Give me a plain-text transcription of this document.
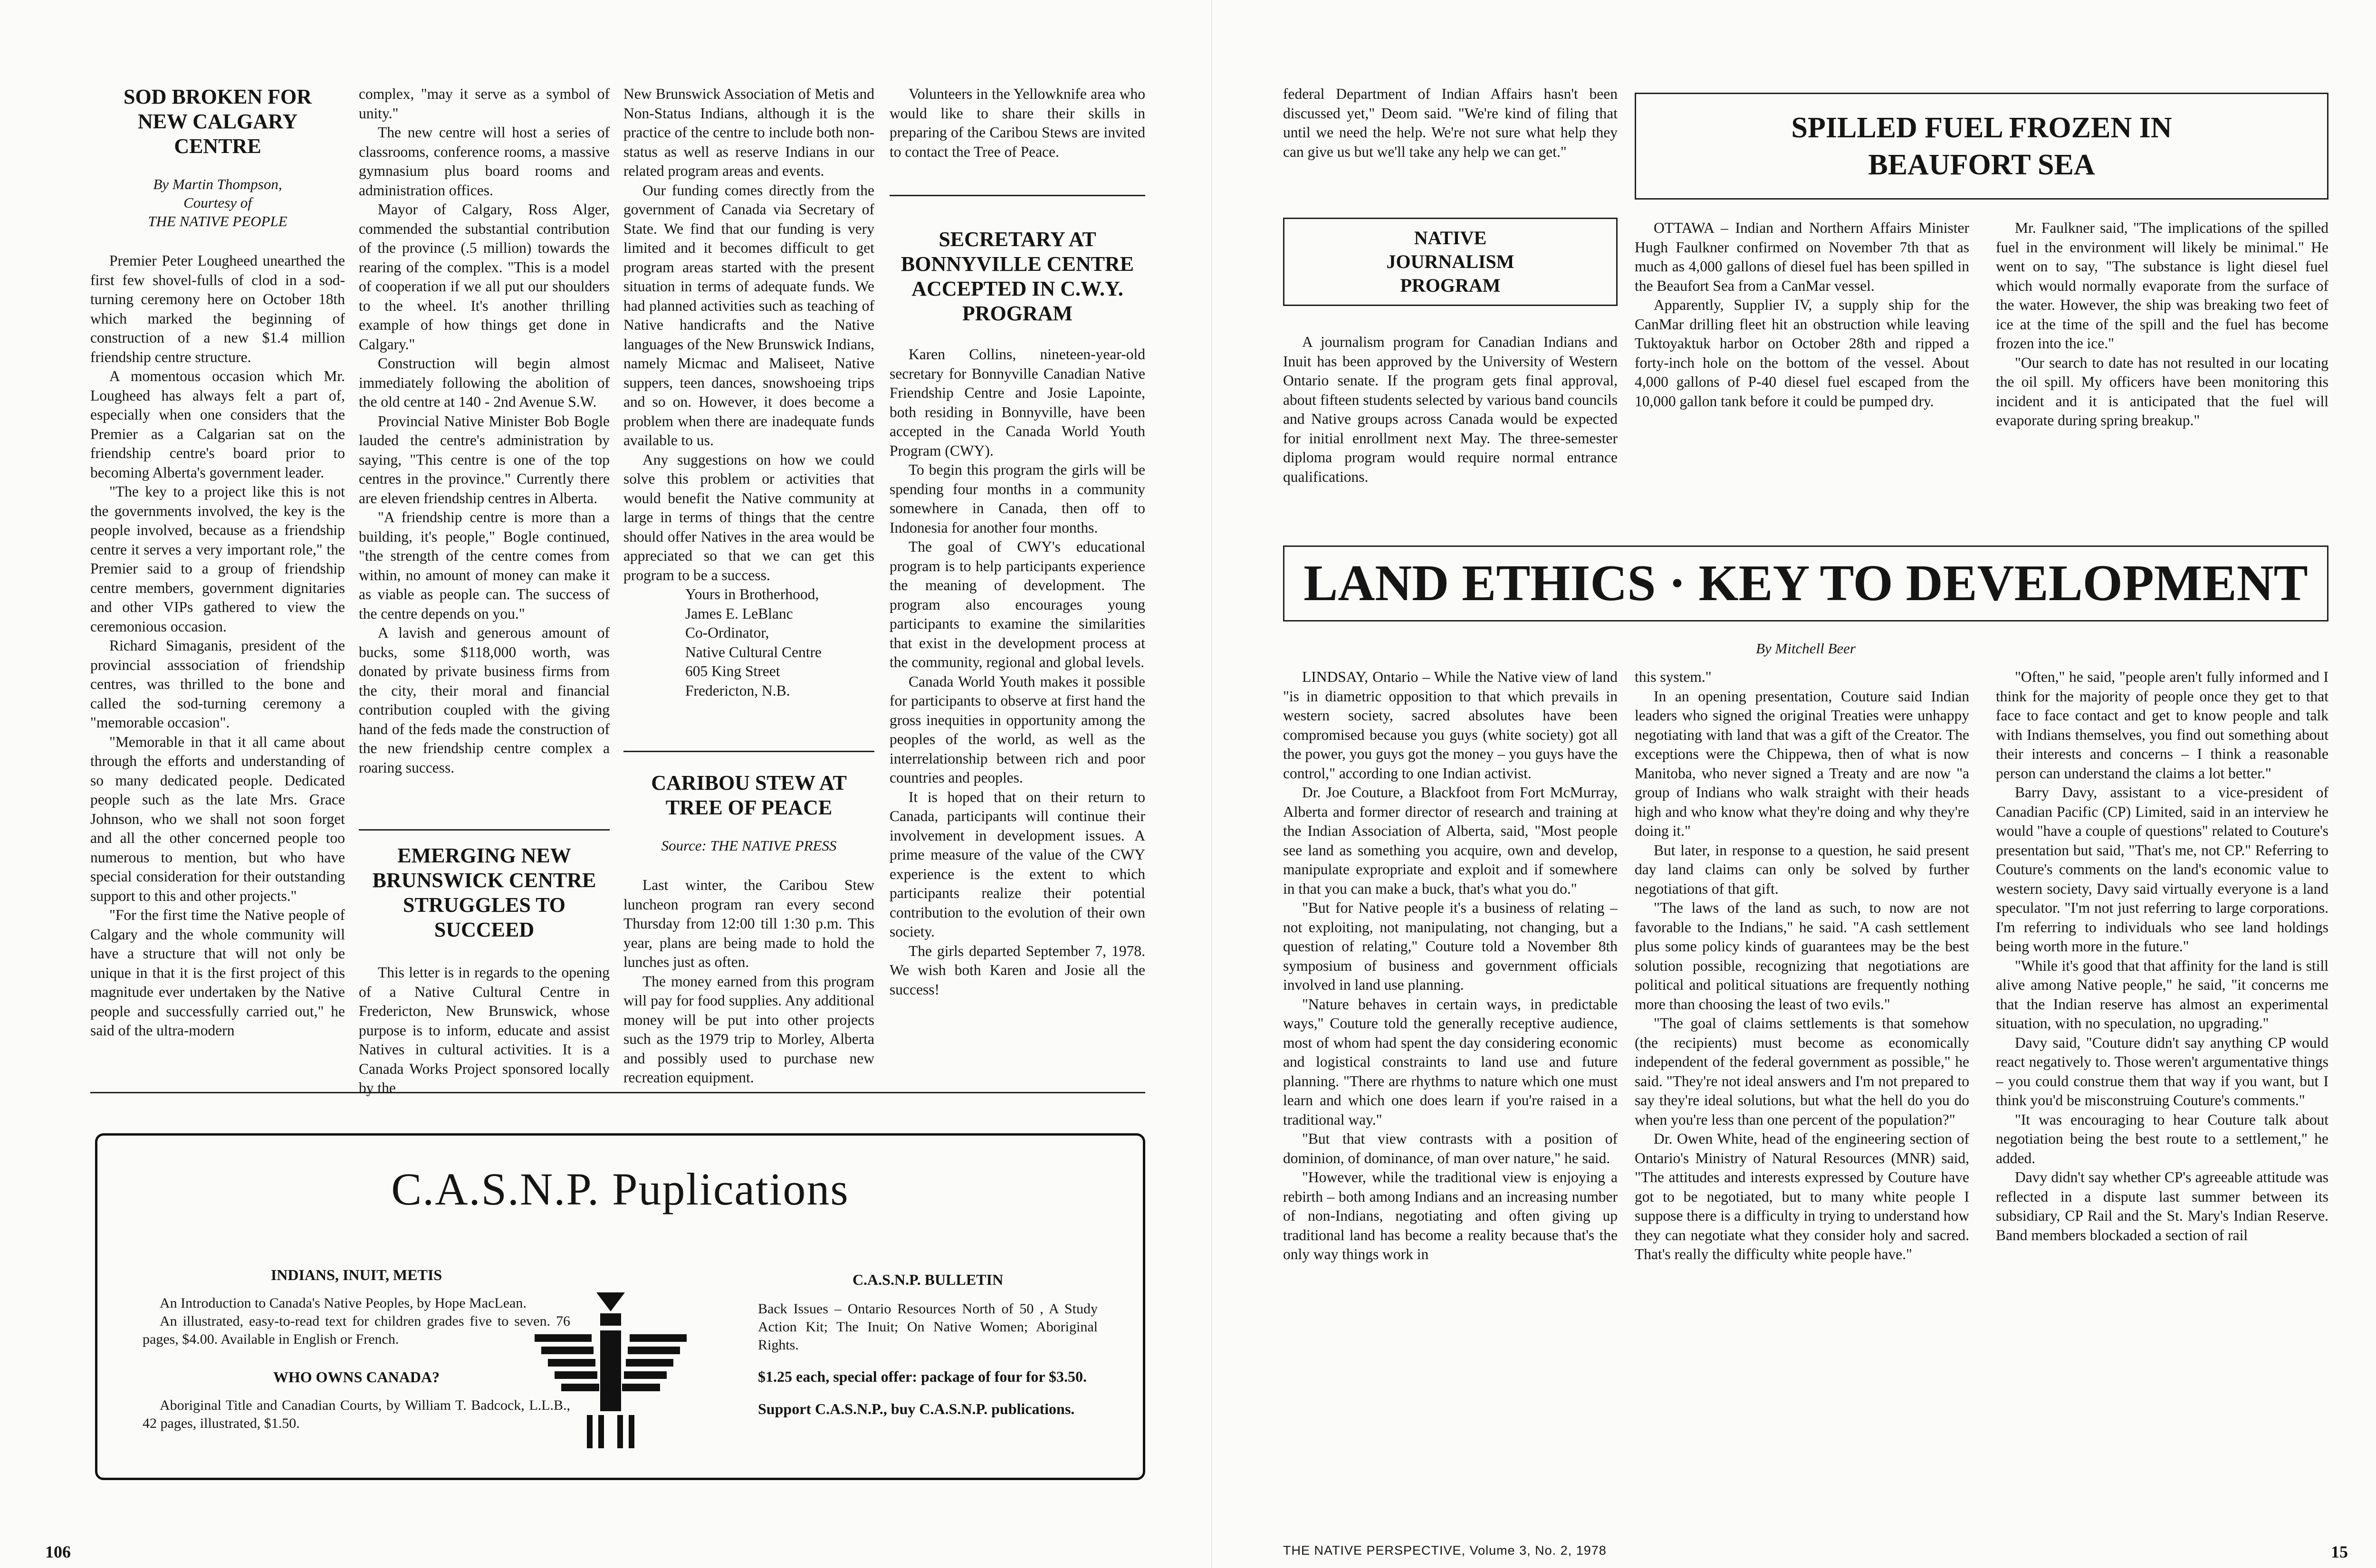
SOD BROKEN FOR NEW CALGARY CENTRE
By Martin Thompson,
Courtesy of
THE NATIVE PEOPLE

Premier Peter Lougheed unearthed the first few shovel-fulls of clod in a sod-turning ceremony here on October 18th which marked the beginning of construction of a new $1.4 million friendship centre structure.

A momentous occasion which Mr. Lougheed has always felt a part of, especially when one considers that the Premier as a Calgarian sat on the friendship centre's board prior to becoming Alberta's government leader.

"The key to a project like this is not the governments involved, the key is the people involved, because as a friendship centre it serves a very important role," the Premier said to a group of friendship centre members, government dignitaries and other VIPs gathered to view the ceremonious occasion.

Richard Simaganis, president of the provincial asssociation of friendship centres, was thrilled to the bone and called the sod-turning ceremony a "memorable occasion".

"Memorable in that it all came about through the efforts and understanding of so many dedicated people. Dedicated people such as the late Mrs. Grace Johnson, who we shall not soon forget and all the other concerned people too numerous to mention, but who have special consideration for their outstanding support to this and other projects."

"For the first time the Native people of Calgary and the whole community will have a structure that will not only be unique in that it is the first project of this magnitude ever undertaken by the Native people and successfully carried out," he said of the ultra-modern

complex, "may it serve as a symbol of unity."

The new centre will host a series of classrooms, conference rooms, a massive gymnasium plus board rooms and administration offices.

Mayor of Calgary, Ross Alger, commended the substantial contribution of the province (.5 million) towards the rearing of the complex. "This is a model of cooperation if we all put our shoulders to the wheel. It's another thrilling example of how things get done in Calgary."

Construction will begin almost immediately following the abolition of the old centre at 140 - 2nd Avenue S.W.

Provincial Native Minister Bob Bogle lauded the centre's administration by saying, "This centre is one of the top centres in the province." Currently there are eleven friendship centres in Alberta.

"A friendship centre is more than a building, it's people," Bogle continued, "the strength of the centre comes from within, no amount of money can make it as viable as people can. The success of the centre depends on you."

A lavish and generous amount of bucks, some $118,000 worth, was donated by private business firms from the city, their moral and financial contribution coupled with the giving hand of the feds made the construction of the new friendship centre complex a roaring success.

EMERGING NEW BRUNSWICK CENTRE STRUGGLES TO SUCCEED

This letter is in regards to the opening of a Native Cultural Centre in Fredericton, New Brunswick, whose purpose is to inform, educate and assist Natives in cultural activities. It is a Canada Works Project sponsored locally by the

New Brunswick Association of Metis and Non-Status Indians, although it is the practice of the centre to include both non-status as well as reserve Indians in our related program areas and events.

Our funding comes directly from the government of Canada via Secretary of State. We find that our funding is very limited and it becomes difficult to get program areas started with the present situation in terms of adequate funds. We had planned activities such as teaching of Native handicrafts and the Native languages of the New Brunswick Indians, namely Micmac and Maliseet, Native suppers, teen dances, snowshoeing trips and so on. However, it does become a problem when there are inadequate funds available to us.

Any suggestions on how we could solve this problem or activities that would benefit the Native community at large in terms of things that the centre should offer Natives in the area would be appreciated so that we can get this program to be a success.

Yours in Brotherhood,

James E. LeBlanc

Co-Ordinator,

Native Cultural Centre

605 King Street

Fredericton, N.B.

CARIBOU STEW AT TREE OF PEACE
Source: THE NATIVE PRESS

Last winter, the Caribou Stew luncheon program ran every second Thursday from 12:00 till 1:30 p.m. This year, plans are being made to hold the lunches just as often.

The money earned from this program will pay for food supplies. Any additional money will be put into other projects such as the 1979 trip to Morley, Alberta and possibly used to purchase new recreation equipment.

Volunteers in the Yellowknife area who would like to share their skills in preparing of the Caribou Stews are invited to contact the Tree of Peace.

SECRETARY AT BONNYVILLE CENTRE ACCEPTED IN C.W.Y. PROGRAM

Karen Collins, nineteen-year-old secretary for Bonnyville Canadian Native Friendship Centre and Josie Lapointe, both residing in Bonnyville, have been accepted in the Canada World Youth Program (CWY).

To begin this program the girls will be spending four months in a community somewhere in Canada, then off to Indonesia for another four months.

The goal of CWY's educational program is to help participants experience the meaning of development. The program also encourages young participants to examine the similarities that exist in the development process at the community, regional and global levels.

Canada World Youth makes it possible for participants to observe at first hand the gross inequities in opportunity among the peoples of the world, as well as the interrelationship between rich and poor countries and peoples.

It is hoped that on their return to Canada, participants will continue their involvement in development issues. A prime measure of the value of the CWY experience is the extent to which participants realize their potential contribution to the evolution of their own society.

The girls departed September 7, 1978. We wish both Karen and Josie all the success!

C.A.S.N.P. Puplications
INDIANS, INUIT, METIS

An Introduction to Canada's Native Peoples, by Hope MacLean.

An illustrated, easy-to-read text for children grades five to seven. 76 pages, $4.00. Available in English or French.

WHO OWNS CANADA?

Aboriginal Title and Canadian Courts, by William T. Badcock, L.L.B., 42 pages, illustrated, $1.50.

C.A.S.N.P. BULLETIN

Back Issues – Ontario Resources North of 50 , A Study Action Kit; The Inuit; On Native Women; Aboriginal Rights.

$1.25 each, special offer: package of four for $3.50.

Support C.A.S.N.P., buy C.A.S.N.P. publications.

106

federal Department of Indian Affairs hasn't been discussed yet," Deom said. "We're kind of filing that until we need the help. We're not sure what help they can give us but we'll take any help we can get."

NATIVE JOURNALISM PROGRAM

A journalism program for Canadian Indians and Inuit has been approved by the University of Western Ontario senate. If the program gets final approval, about fifteen students selected by various band councils and Native groups across Canada would be expected for initial enrollment next May. The three-semester diploma program would require normal entrance qualifications.

SPILLED FUEL FROZEN IN BEAUFORT SEA

OTTAWA – Indian and Northern Affairs Minister Hugh Faulkner confirmed on November 7th that as much as 4,000 gallons of diesel fuel has been spilled in the Beaufort Sea from a CanMar vessel.

Apparently, Supplier IV, a supply ship for the CanMar drilling fleet hit an obstruction while leaving Tuktoyaktuk harbor on October 28th and ripped a forty-inch hole on the bottom of the vessel. About 4,000 gallons of P-40 diesel fuel escaped from the 10,000 gallon tank before it could be pumped dry.

Mr. Faulkner said, "The implications of the spilled fuel in the environment will likely be minimal." He went on to say, "The substance is light diesel fuel which would normally evaporate from the surface of the water. However, the ship was breaking two feet of ice at the time of the spill and the fuel has become frozen into the ice."

"Our search to date has not resulted in our locating the oil spill. My officers have been monitoring this incident and it is anticipated that the fuel will evaporate during spring breakup."

LAND ETHICS · KEY TO DEVELOPMENT
By Mitchell Beer

LINDSAY, Ontario – While the Native view of land "is in diametric opposition to that which prevails in western society, sacred absolutes have been compromised because you guys (white society) got all the power, you guys got the money – you guys have the control," according to one Indian activist.

Dr. Joe Couture, a Blackfoot from Fort McMurray, Alberta and former director of research and training at the Indian Association of Alberta, said, "Most people see land as something you acquire, own and develop, manipulate expropriate and exploit and if somewhere in that you can make a buck, that's what you do."

"But for Native people it's a business of relating – not exploiting, not manipulating, not changing, but a question of relating," Couture told a November 8th symposium of business and government officials involved in land use planning.

"Nature behaves in certain ways, in predictable ways," Couture told the generally receptive audience, most of whom had spent the day considering economic and logistical constraints to land use and future planning. "There are rhythms to nature which one must learn and which one does learn if you're raised in a traditional way."

"But that view contrasts with a position of dominion, of dominance, of man over nature," he said.

"However, while the traditional view is enjoying a rebirth – both among Indians and an increasing number of non-Indians, negotiating and often giving up traditional land has become a reality because that's the only way things work in

this system."

In an opening presentation, Couture said Indian leaders who signed the original Treaties were unhappy negotiating with land that was a gift of the Creator. The exceptions were the Chippewa, then of what is now Manitoba, who never signed a Treaty and are now "a group of Indians who walk straight with their heads high and who know what they're doing and why they're doing it."

But later, in response to a question, he said present day land claims can only be solved by further negotiations of that gift.

"The laws of the land as such, to now are not favorable to the Indians," he said. "A cash settlement plus some policy kinds of guarantees may be the best solution possible, recognizing that negotiations are political and political situations are frequently nothing more than choosing the least of two evils."

"The goal of claims settlements is that somehow (the recipients) must become as economically independent of the federal government as possible," he said. "They're not ideal answers and I'm not prepared to say they're ideal solutions, but what the hell do you do when you're less than one percent of the population?"

Dr. Owen White, head of the engineering section of Ontario's Ministry of Natural Resources (MNR) said, "The attitudes and interests expressed by Couture have got to be negotiated, but to many white people I suppose there is a difficulty in trying to understand how they can negotiate what they consider holy and sacred. That's really the difficulty white people have."

"Often," he said, "people aren't fully informed and I think for the majority of people once they get to that face to face contact and get to know people and talk with Indians themselves, you find out something about their interests and concerns – I think a reasonable person can understand the claims a lot better."

Barry Davy, assistant to a vice-president of Canadian Pacific (CP) Limited, said in an interview he would "have a couple of questions" related to Couture's presentation but said, "That's me, not CP." Referring to Couture's comments on the land's economic value to western society, Davy said virtually everyone is a land speculator. "I'm not just referring to large corporations. I'm referring to individuals who see land holdings being worth more in the future."

"While it's good that that affinity for the land is still alive among Native people," he said, "it concerns me that the Indian reserve has almost an experimental situation, with no speculation, no upgrading."

Davy said, "Couture didn't say anything CP would react negatively to. Those weren't argumentative things – you could construe them that way if you want, but I think you'd be misconstruing Couture's comments."

"It was encouraging to hear Couture talk about negotiation being the best route to a settlement," he added.

Davy didn't say whether CP's agreeable attitude was reflected in a dispute last summer between its subsidiary, CP Rail and the St. Mary's Indian Reserve. Band members blockaded a section of rail

THE NATIVE PERSPECTIVE, Volume 3, No. 2, 1978	15
